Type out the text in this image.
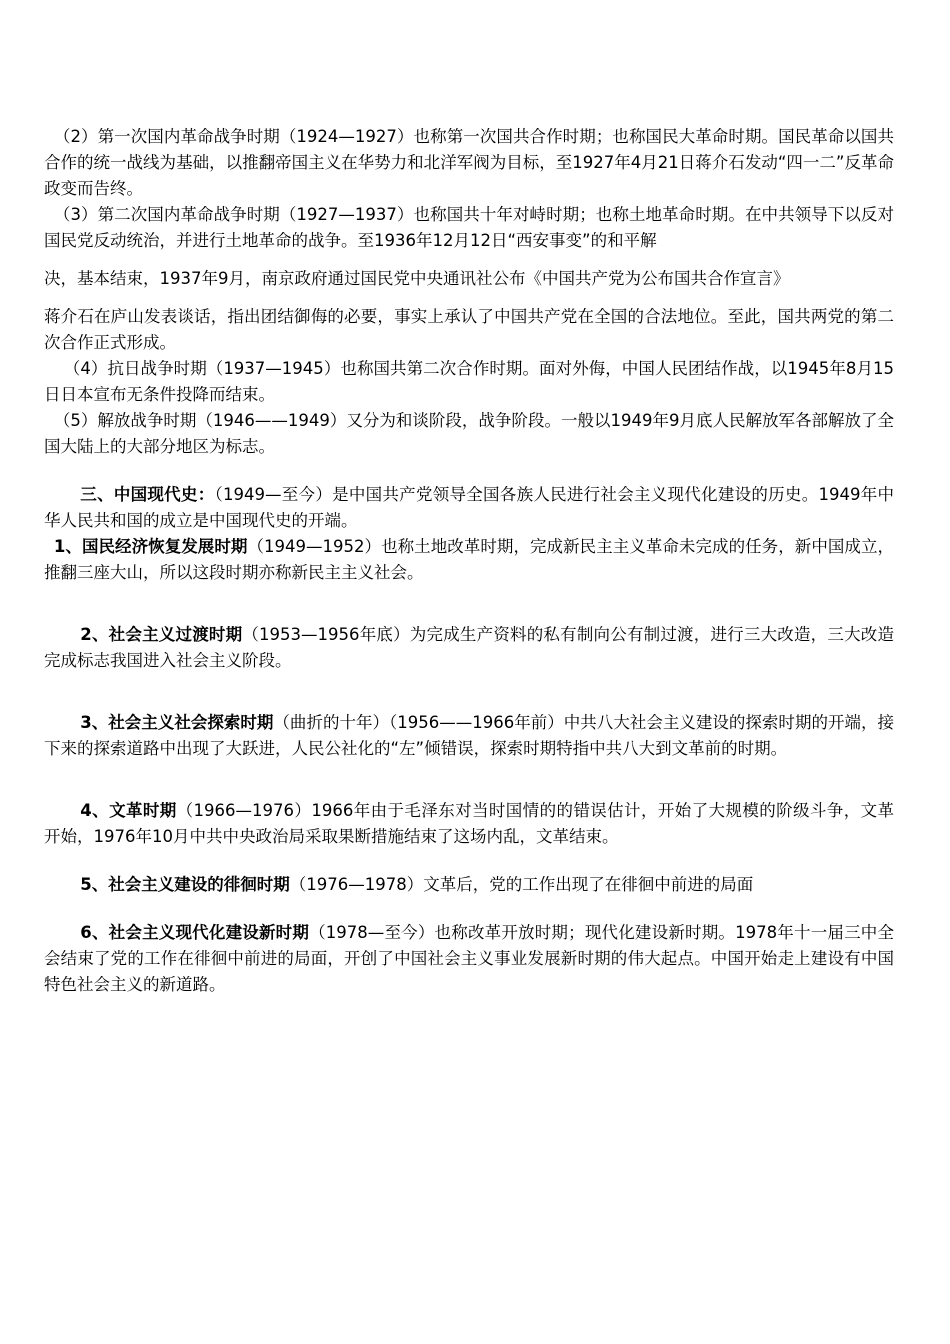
（2）第一次国内革命战争时期（1924—1927）也称第一次国共合作时期；也称国民大革命时期。国民革命以国共合作的统一战线为基础，以推翻帝国主义在华势力和北洋军阀为目标，至1927年4月21日蒋介石发动“四一二”反革命政变而告终。

（3）第二次国内革命战争时期（1927—1937）也称国共十年对峙时期；也称土地革命时期。在中共领导下以反对国民党反动统治，并进行土地革命的战争。至1936年12月12日“西安事变”的和平解

决，基本结束，1937年9月，南京政府通过国民党中央通讯社公布《中国共产党为公布国共合作宣言》

蒋介石在庐山发表谈话，指出团结御侮的必要，事实上承认了中国共产党在全国的合法地位。至此，国共两党的第二次合作正式形成。

（4）抗日战争时期（1937—1945）也称国共第二次合作时期。面对外侮，中国人民团结作战，以1945年8月15日日本宣布无条件投降而结束。

（5）解放战争时期（1946——1949）又分为和谈阶段，战争阶段。一般以1949年9月底人民解放军各部解放了全国大陆上的大部分地区为标志。

三、中国现代史：（1949—至今）是中国共产党领导全国各族人民进行社会主义现代化建设的历史。1949年中华人民共和国的成立是中国现代史的开端。

1、国民经济恢复发展时期（1949—1952）也称土地改革时期，完成新民主主义革命未完成的任务，新中国成立，推翻三座大山，所以这段时期亦称新民主主义社会。

2、社会主义过渡时期（1953—1956年底）为完成生产资料的私有制向公有制过渡，进行三大改造，三大改造完成标志我国进入社会主义阶段。

3、社会主义社会探索时期（曲折的十年）（1956——1966年前）中共八大社会主义建设的探索时期的开端，接下来的探索道路中出现了大跃进，人民公社化的“左”倾错误，探索时期特指中共八大到文革前的时期。

4、文革时期（1966—1976）1966年由于毛泽东对当时国情的的错误估计，开始了大规模的阶级斗争，文革开始，1976年10月中共中央政治局采取果断措施结束了这场内乱，文革结束。

5、社会主义建设的徘徊时期（1976—1978）文革后，党的工作出现了在徘徊中前进的局面

6、社会主义现代化建设新时期（1978—至今）也称改革开放时期；现代化建设新时期。1978年十一届三中全会结束了党的工作在徘徊中前进的局面，开创了中国社会主义事业发展新时期的伟大起点。中国开始走上建设有中国特色社会主义的新道路。
